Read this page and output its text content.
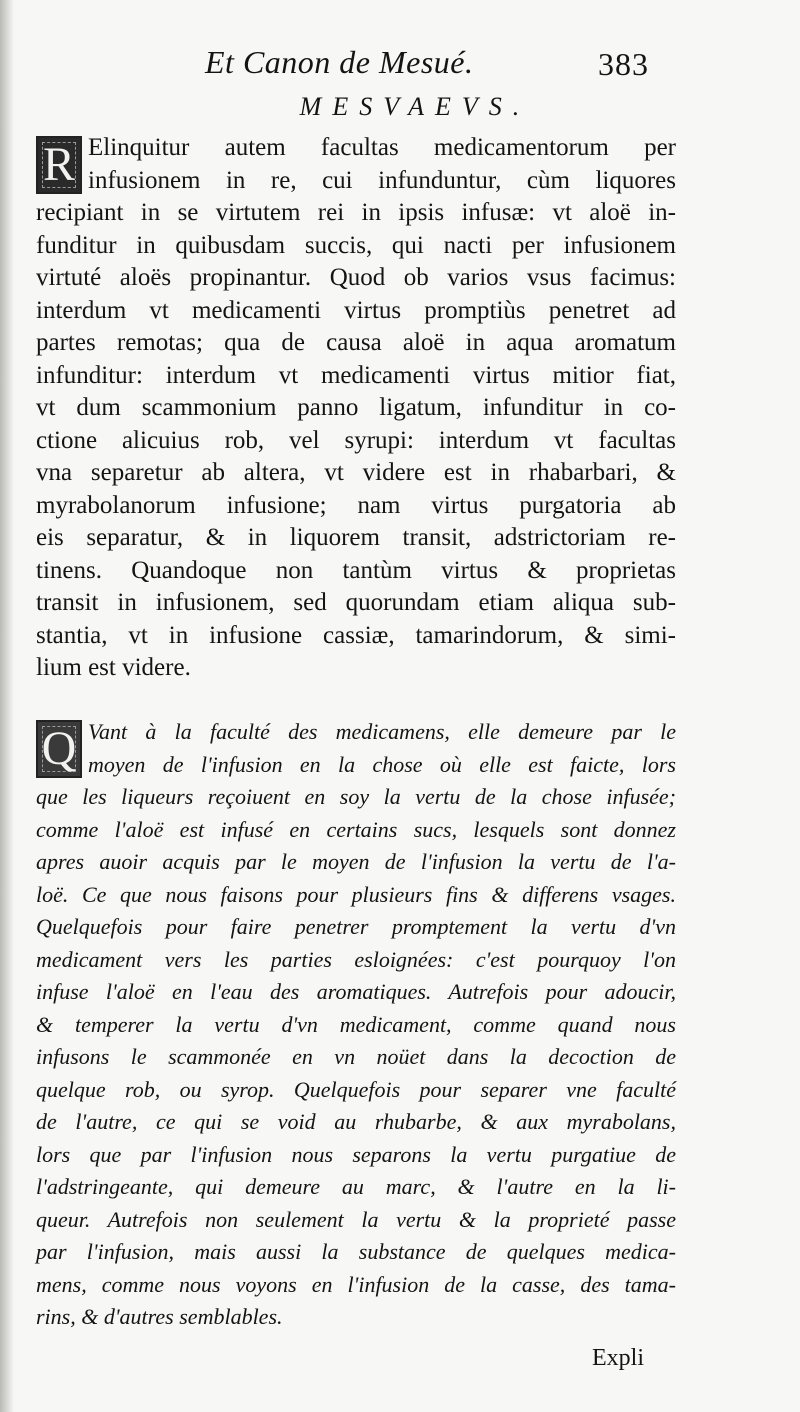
Et Canon de Mesué.	383
MESVAEVS.
R Elinquitur autem facultas medicamentorum per
infusionem in re, cui infunduntur, cùm liquores
recipiant in se virtutem rei in ipsis infusæ: vt aloë in-
funditur in quibusdam succis, qui nacti per infusionem
virtuté aloës propinantur. Quod ob varios vsus facimus:
interdum vt medicamenti virtus promptiùs penetret ad
partes remotas; qua de causa aloë in aqua aromatum
infunditur: interdum vt medicamenti virtus mitior fiat,
vt dum scammonium panno ligatum, infunditur in co-
ctione alicuius rob, vel syrupi: interdum vt facultas
vna separetur ab altera, vt videre est in rhabarbari, &
myrabolanorum infusione; nam virtus purgatoria ab
eis separatur, & in liquorem transit, adstrictoriam re-
tinens. Quandoque non tantùm virtus & proprietas
transit in infusionem, sed quorundam etiam aliqua sub-
stantia, vt in infusione cassiæ, tamarindorum, & simi-
lium est videre.
Q Vant à la faculté des medicamens, elle demeure par le
moyen de l'infusion en la chose où elle est faicte, lors
que les liqueurs reçoiuent en soy la vertu de la chose infusée;
comme l'aloë est infusé en certains sucs, lesquels sont donnez
apres auoir acquis par le moyen de l'infusion la vertu de l'a-
loë. Ce que nous faisons pour plusieurs fins & differens vsages.
Quelquefois pour faire penetrer promptement la vertu d'vn
medicament vers les parties esloignées: c'est pourquoy l'on
infuse l'aloë en l'eau des aromatiques. Autrefois pour adoucir,
& temperer la vertu d'vn medicament, comme quand nous
infusons le scammonée en vn noüet dans la decoction de
quelque rob, ou syrop. Quelquefois pour separer vne faculté
de l'autre, ce qui se void au rhubarbe, & aux myrabolans,
lors que par l'infusion nous separons la vertu purgatiue de
l'adstringeante, qui demeure au marc, & l'autre en la li-
queur. Autrefois non seulement la vertu & la proprieté passe
par l'infusion, mais aussi la substance de quelques medica-
mens, comme nous voyons en l'infusion de la casse, des tama-
rins, & d'autres semblables.
Expli
